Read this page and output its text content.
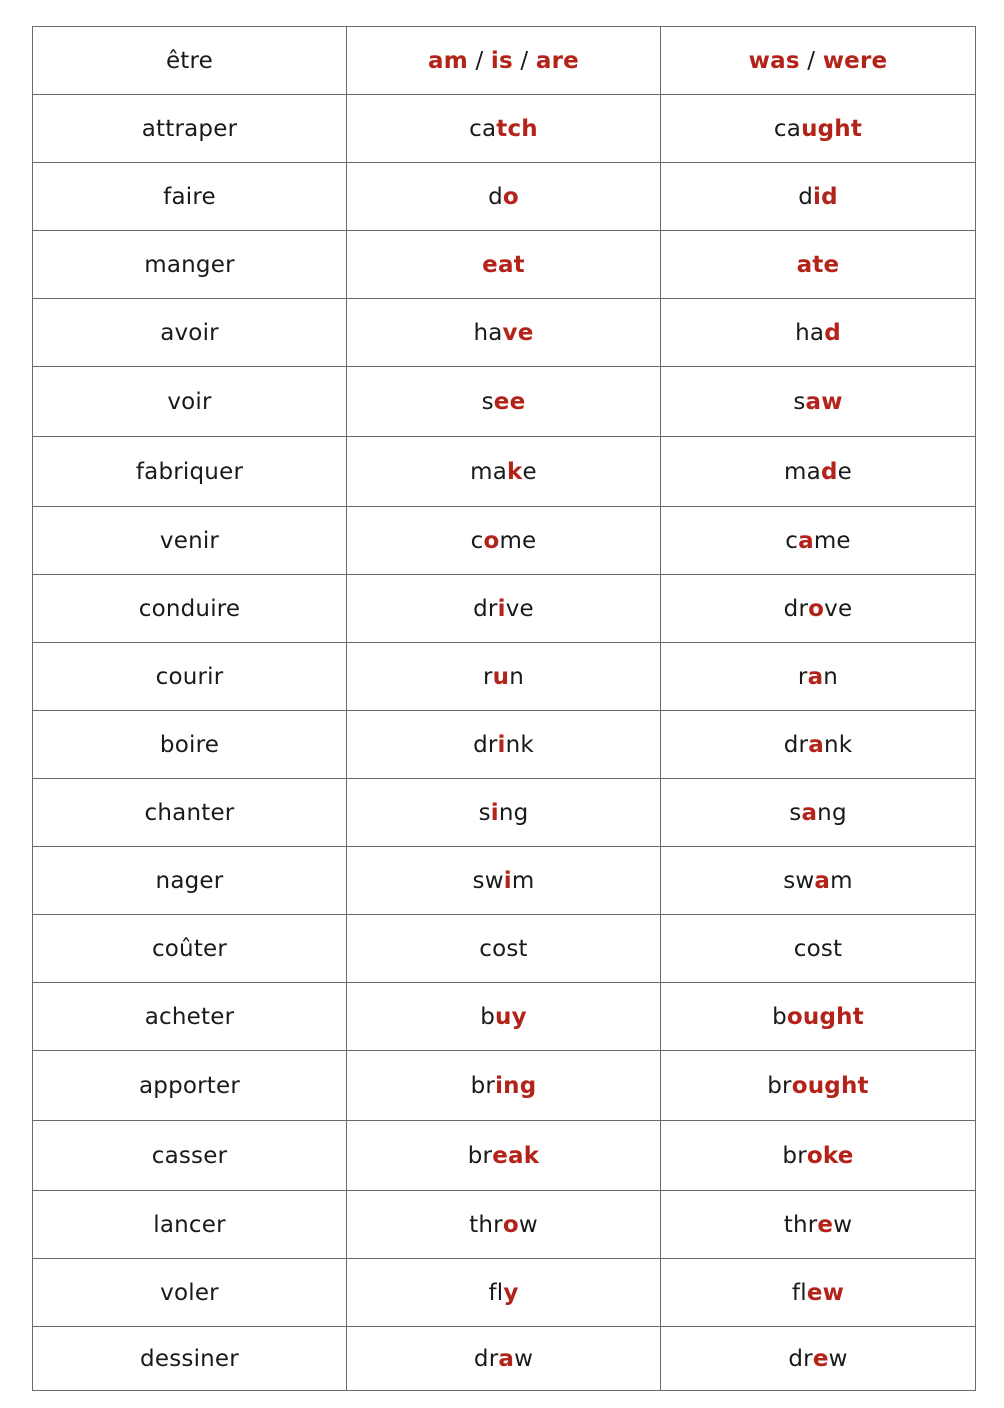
être	am / is / are	was / were
attraper	catch	caught
faire	do	did
manger	eat	ate
avoir	have	had
voir	see	saw
fabriquer	make	made
venir	come	came
conduire	drive	drove
courir	run	ran
boire	drink	drank
chanter	sing	sang
nager	swim	swam
coûter	cost	cost
acheter	buy	bought
apporter	bring	brought
casser	break	broke
lancer	throw	threw
voler	fly	flew
dessiner	draw	drew
